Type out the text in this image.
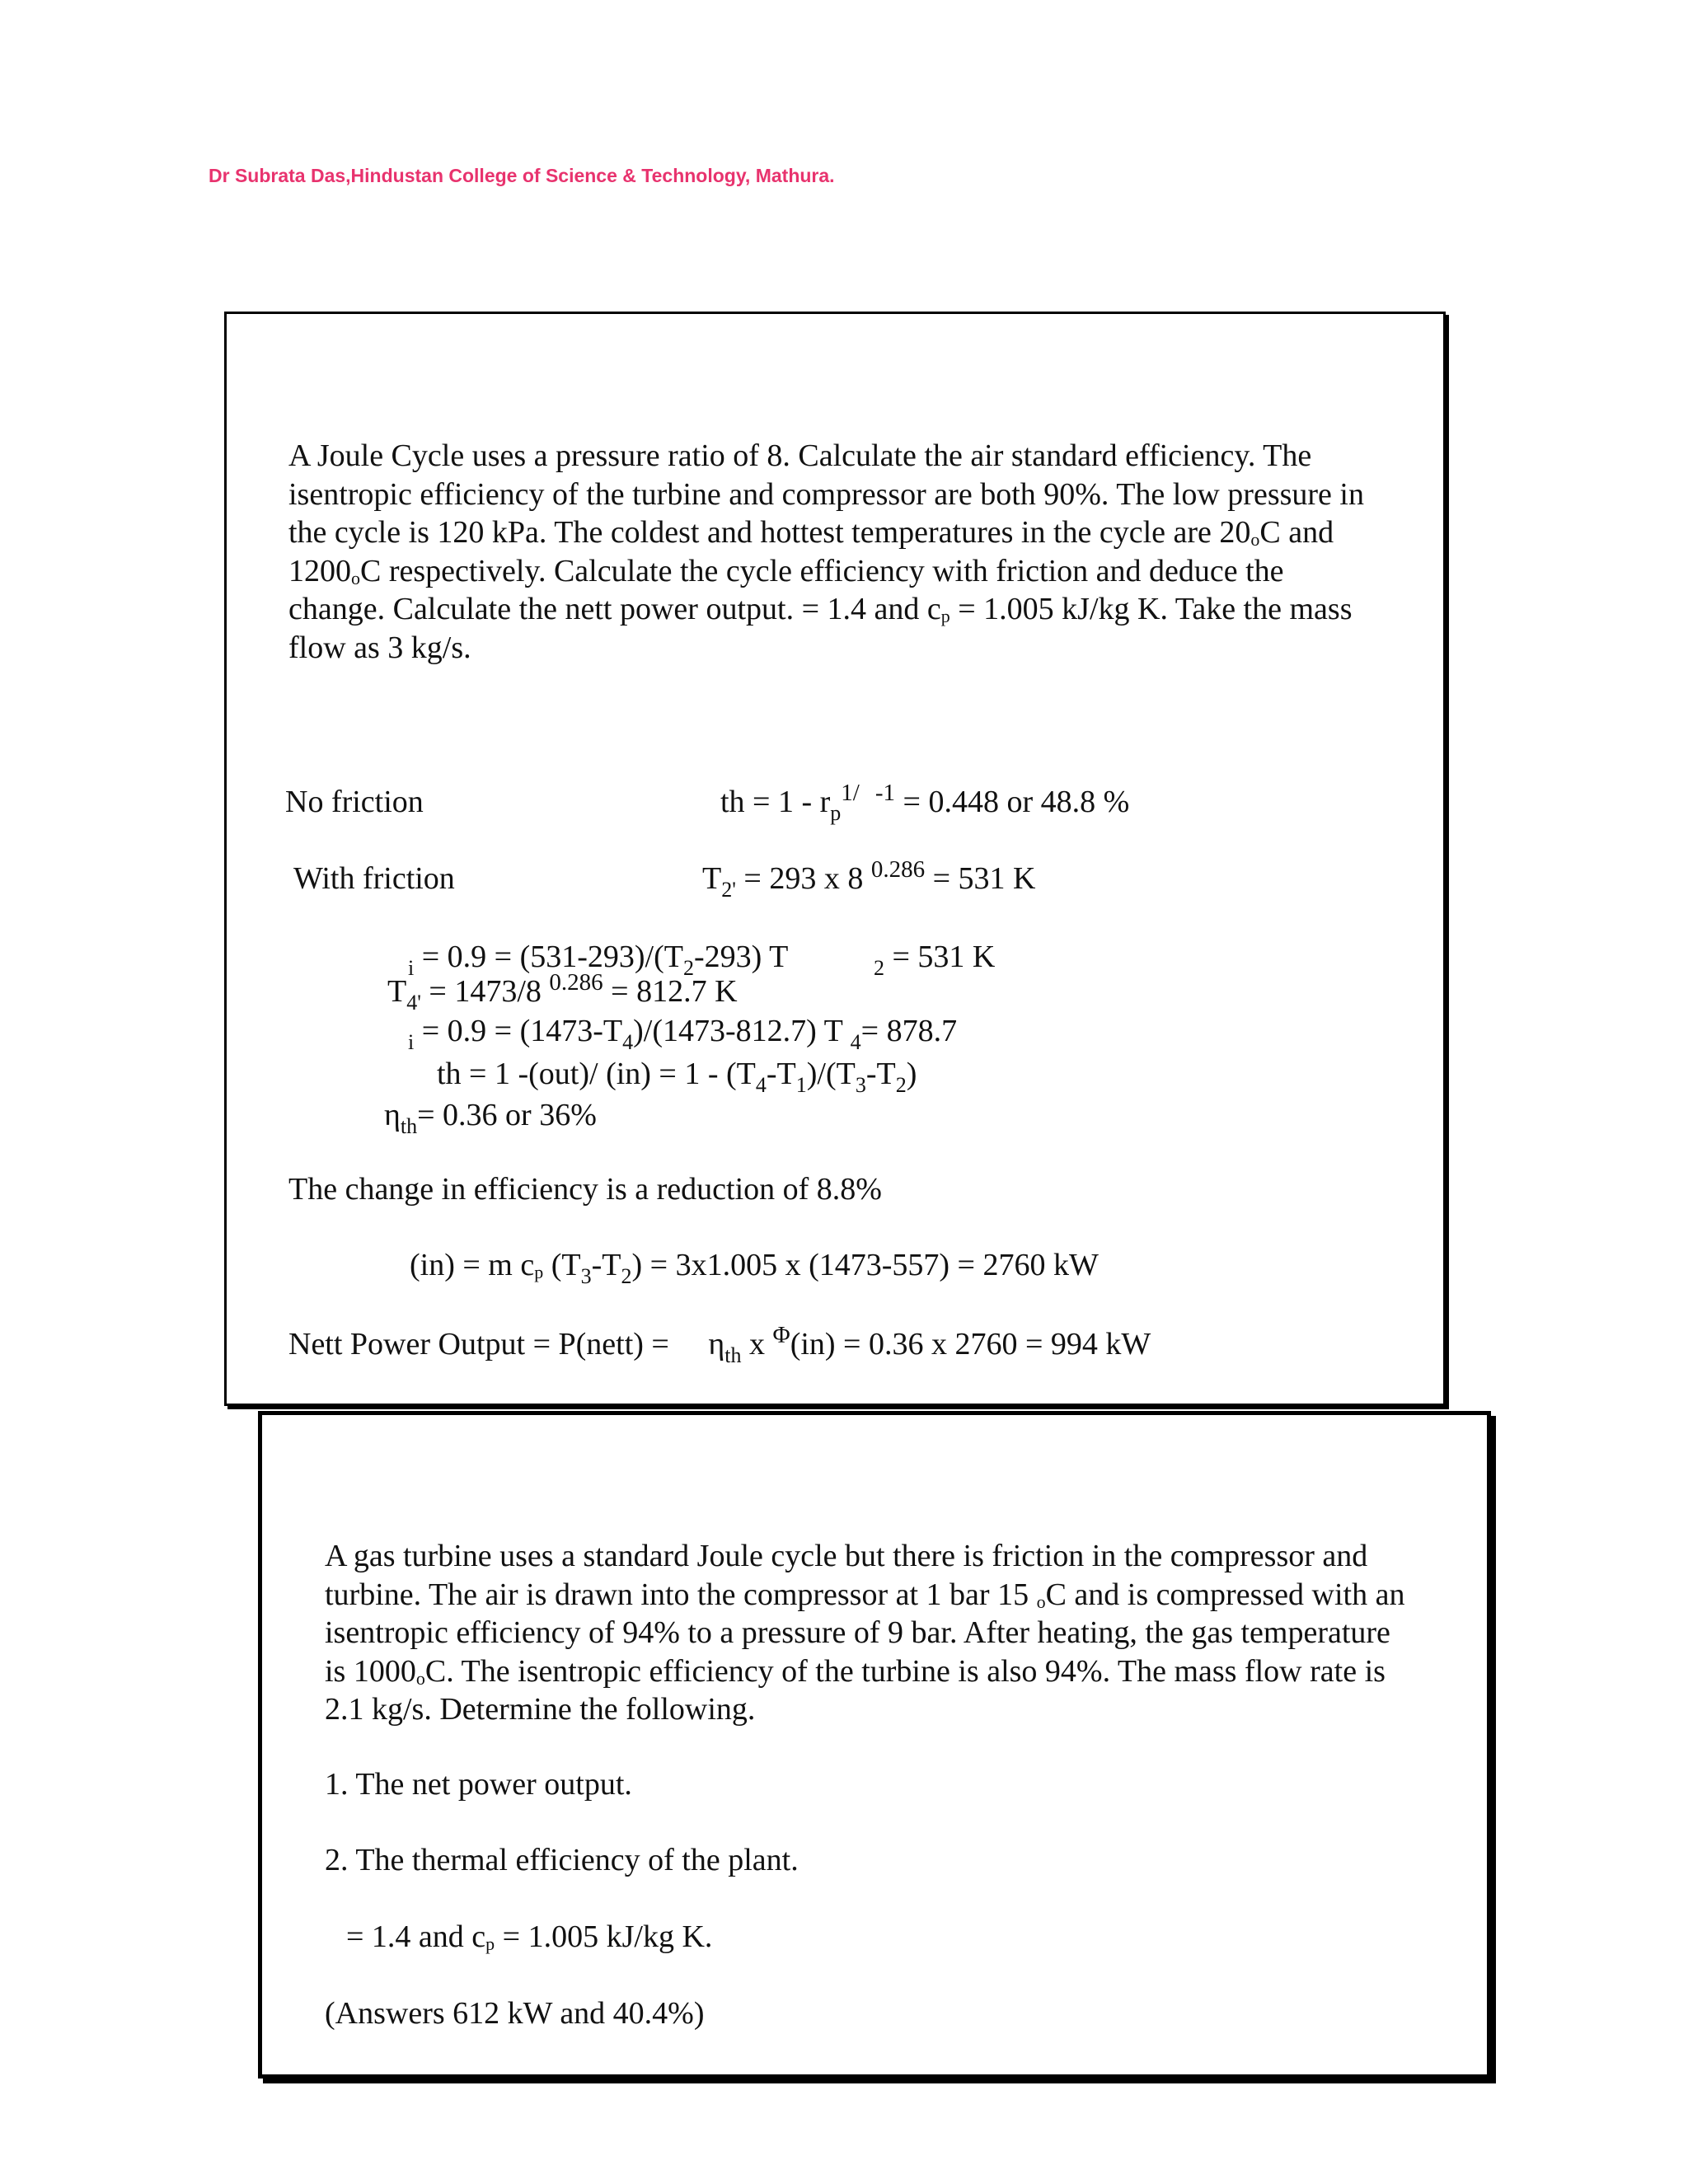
Dr Subrata Das,Hindustan College of Science & Technology, Mathura.
A Joule Cycle uses a pressure ratio of 8. Calculate the air standard efficiency. The
isentropic efficiency of the turbine and compressor are both 90%. The low pressure in
the cycle is 120 kPa. The coldest and hottest temperatures in the cycle are 20oC and
1200oC respectively. Calculate the cycle efficiency with friction and deduce the
change. Calculate the nett power output. = 1.4 and cp = 1.005 kJ/kg K. Take the mass
flow as 3 kg/s.
No friction	th = $1 - r_p^{1/}$ $^{-1}$ = 0.448 or 48.8 %
With friction	$T_{2'} = 293$ x 8 $^{0.286}$ = 531 K
$_i = 0.9 = (531-293)/(T_2-293)$ T	$_2$ = 531 K
$T_{4'} = 1473/8$ $^{0.286}$ = 812.7 K
$_i = 0.9 = (1473-T_4)/(1473-812.7)$ T $_4$= 878.7
th = 1 -(out)/ $(in) = 1 - (T_4-T_1)/(T_3-T_2)$
$\eta_{th}= 0.36$ or 36%
The change in efficiency is a reduction of 8.8%
(in) = m cp $(T_3-T_2) = 3x1.005$ x (1473-557) = 2760 kW
Nett Power Output = P(nett) = $\eta_{th}$ x $^\Phi$(in) = 0.36 x 2760 = 994 kW
A gas turbine uses a standard Joule cycle but there is friction in the compressor and
turbine. The air is drawn into the compressor at 1 bar 15 oC and is compressed with an
isentropic efficiency of 94% to a pressure of 9 bar. After heating, the gas temperature
is 1000oC. The isentropic efficiency of the turbine is also 94%. The mass flow rate is
2.1 kg/s. Determine the following.
1. The net power output.
2. The thermal efficiency of the plant.
= 1.4 and cp = 1.005 kJ/kg K.
(Answers 612 kW and 40.4%)
